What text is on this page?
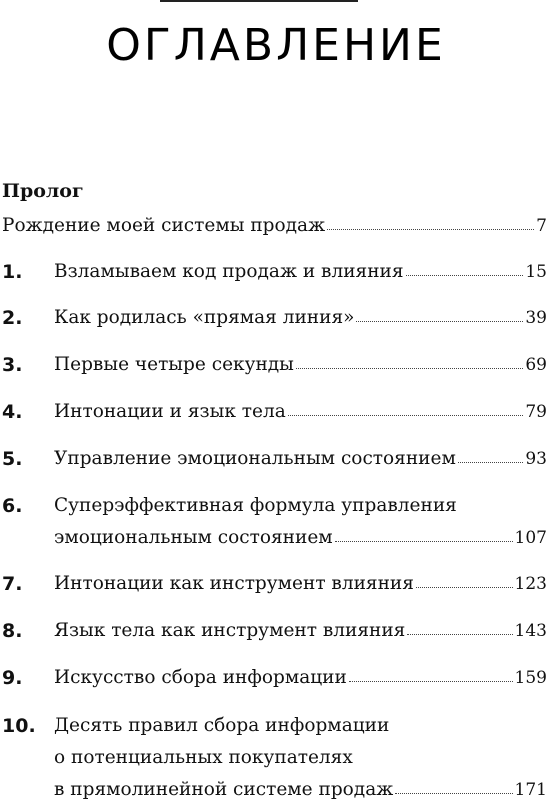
ОГЛАВЛЕНИЕ
Пролог
Рождение моей системы продаж	7
1. Взламываем код продаж и влияния	15
2. Как родилась «прямая линия»	39
3. Первые четыре секунды	69
4. Интонации и язык тела	79
5. Управление эмоциональным состоянием	93
6. Суперэффективная формула управления
эмоциональным состоянием	107
7. Интонации как инструмент влияния	123
8. Язык тела как инструмент влияния	143
9. Искусство сбора информации	159
10. Десять правил сбора информации
о потенциальных покупателях
в прямолинейной системе продаж	171
